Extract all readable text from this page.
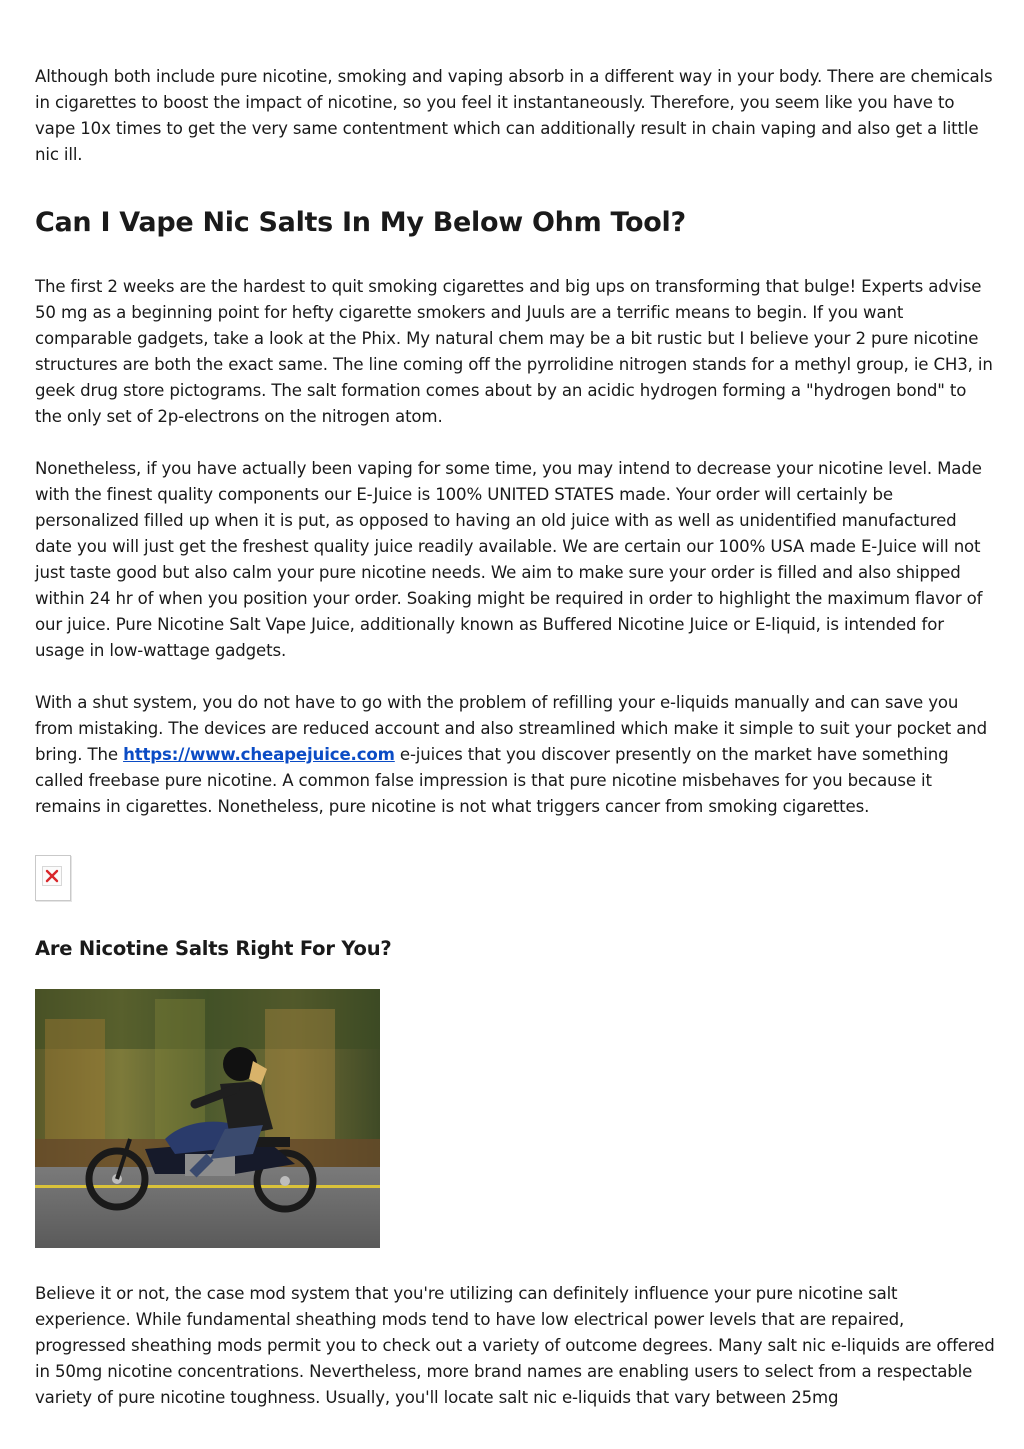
Although both include pure nicotine, smoking and vaping absorb in a different way in your body. There are chemicals in cigarettes to boost the impact of nicotine, so you feel it instantaneously. Therefore, you seem like you have to vape 10x times to get the very same contentment which can additionally result in chain vaping and also get a little nic ill.

Can I Vape Nic Salts In My Below Ohm Tool?

The first 2 weeks are the hardest to quit smoking cigarettes and big ups on transforming that bulge! Experts advise 50 mg as a beginning point for hefty cigarette smokers and Juuls are a terrific means to begin. If you want comparable gadgets, take a look at the Phix. My natural chem may be a bit rustic but I believe your 2 pure nicotine structures are both the exact same. The line coming off the pyrrolidine nitrogen stands for a methyl group, ie CH3, in geek drug store pictograms. The salt formation comes about by an acidic hydrogen forming a "hydrogen bond" to the only set of 2p-electrons on the nitrogen atom.

Nonetheless, if you have actually been vaping for some time, you may intend to decrease your nicotine level. Made with the finest quality components our E-Juice is 100% UNITED STATES made. Your order will certainly be personalized filled up when it is put, as opposed to having an old juice with as well as unidentified manufactured date you will just get the freshest quality juice readily available. We are certain our 100% USA made E-Juice will not just taste good but also calm your pure nicotine needs. We aim to make sure your order is filled and also shipped within 24 hr of when you position your order. Soaking might be required in order to highlight the maximum flavor of our juice. Pure Nicotine Salt Vape Juice, additionally known as Buffered Nicotine Juice or E-liquid, is intended for usage in low-wattage gadgets.

With a shut system, you do not have to go with the problem of refilling your e-liquids manually and can save you from mistaking. The devices are reduced account and also streamlined which make it simple to suit your pocket and bring. The https://www.cheapejuice.com e-juices that you discover presently on the market have something called freebase pure nicotine. A common false impression is that pure nicotine misbehaves for you because it remains in cigarettes. Nonetheless, pure nicotine is not what triggers cancer from smoking cigarettes.

Are Nicotine Salts Right For You?

Believe it or not, the case mod system that you're utilizing can definitely influence your pure nicotine salt experience. While fundamental sheathing mods tend to have low electrical power levels that are repaired, progressed sheathing mods permit you to check out a variety of outcome degrees. Many salt nic e-liquids are offered in 50mg nicotine concentrations. Nevertheless, more brand names are enabling users to select from a respectable variety of pure nicotine toughness. Usually, you'll locate salt nic e-liquids that vary between 25mg
